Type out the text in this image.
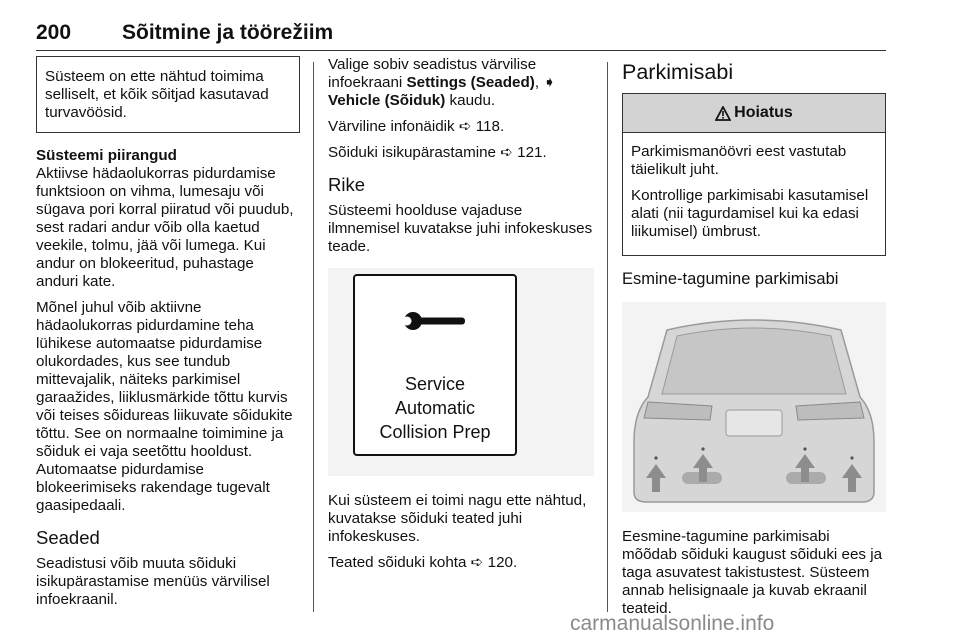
200 Sõitmine ja töörežiim
Süsteem on ette nähtud toimima selliselt, et kõik sõitjad kasutavad turvavöösid.

Süsteemi piirangud

Aktiivse hädaolukorras pidurdamise funktsioon on vihma, lumesaju või sügava pori korral piiratud või puudub, sest radari andur võib olla kaetud veekile, tolmu, jää või lumega. Kui andur on blokeeritud, puhastage anduri kate.

Mõnel juhul võib aktiivne hädaolukorras pidurdamine teha lühikese automaatse pidurdamise olukordades, kus see tundub mittevajalik, näiteks parkimisel garaažides, liiklusmärkide tõttu kurvis või teises sõidureas liikuvate sõidukite tõttu. See on normaalne toimimine ja sõiduk ei vaja seetõttu hooldust. Automaatse pidurdamise blokeerimiseks rakendage tugevalt gaasipedaali.

Seaded

Seadistusi võib muuta sõiduki isikupärastamise menüüs värvilisel infoekraanil.

Valige sobiv seadistus värvilise infoekraani Settings (Seaded), ➧ Vehicle (Sõiduk) kaudu.

Värviline infonäidik ➪ 118.

Sõiduki isikupärastamine ➪ 121.

Rike

Süsteemi hoolduse vajaduse ilmnemisel kuvatakse juhi infokeskuses teade.

Service
Automatic
Collision Prep

Kui süsteem ei toimi nagu ette nähtud, kuvatakse sõiduki teated juhi infokeskuses.

Teated sõiduki kohta ➪ 120.

Parkimisabi
Hoiatus

Parkimismanöövri eest vastutab täielikult juht.

Kontrollige parkimisabi kasutamisel alati (nii tagurdamisel kui ka edasi liikumisel) ümbrust.

Esmine-tagumine parkimisabi

Eesmine-tagumine parkimisabi mõõdab sõiduki kaugust sõiduki ees ja taga asuvatest takistustest. Süsteem annab helisignaale ja kuvab ekraanil teateid.

carmanualsonline.info
